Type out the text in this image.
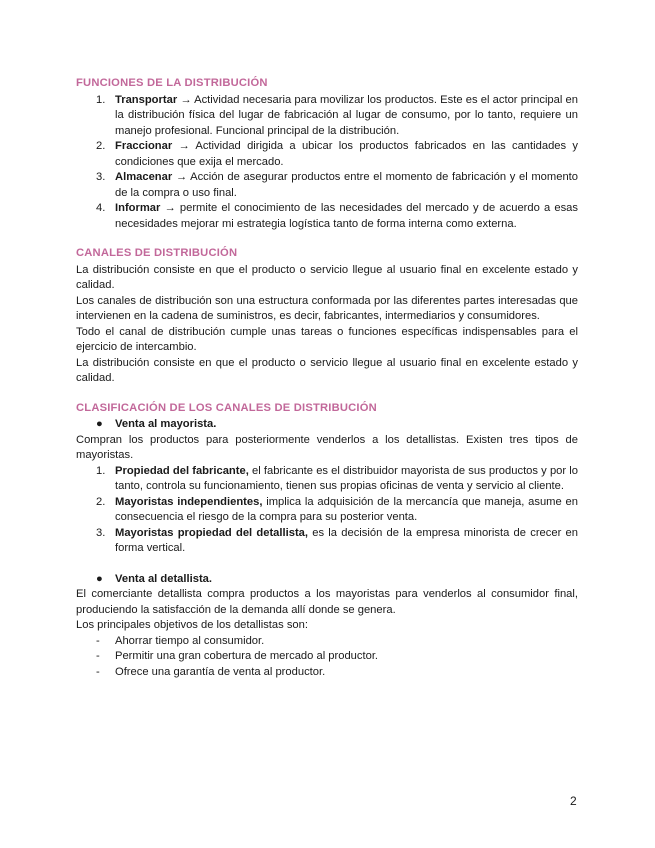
FUNCIONES DE LA DISTRIBUCIÓN
1. Transportar → Actividad necesaria para movilizar los productos. Este es el actor principal en la distribución física del lugar de fabricación al lugar de consumo, por lo tanto, requiere un manejo profesional. Funcional principal de la distribución.
2. Fraccionar → Actividad dirigida a ubicar los productos fabricados en las cantidades y condiciones que exija el mercado.
3. Almacenar → Acción de asegurar productos entre el momento de fabricación y el momento de la compra o uso final.
4. Informar → permite el conocimiento de las necesidades del mercado y de acuerdo a esas necesidades mejorar mi estrategia logística tanto de forma interna como externa.
CANALES DE DISTRIBUCIÓN

La distribución consiste en que el producto o servicio llegue al usuario final en excelente estado y calidad.

Los canales de distribución son una estructura conformada por las diferentes partes interesadas que intervienen en la cadena de suministros, es decir, fabricantes, intermediarios y consumidores.

Todo el canal de distribución cumple unas tareas o funciones específicas indispensables para el ejercicio de intercambio.

La distribución consiste en que el producto o servicio llegue al usuario final en excelente estado y calidad.

CLASIFICACIÓN DE LOS CANALES DE DISTRIBUCIÓN
● Venta al mayorista.

Compran los productos para posteriormente venderlos a los detallistas. Existen tres tipos de mayoristas.

1. Propiedad del fabricante, el fabricante es el distribuidor mayorista de sus productos y por lo tanto, controla su funcionamiento, tienen sus propias oficinas de venta y servicio al cliente.
2. Mayoristas independientes, implica la adquisición de la mercancía que maneja, asume en consecuencia el riesgo de la compra para su posterior venta.
3. Mayoristas propiedad del detallista, es la decisión de la empresa minorista de crecer en forma vertical.
● Venta al detallista.

El comerciante detallista compra productos a los mayoristas para venderlos al consumidor final, produciendo la satisfacción de la demanda allí donde se genera.

Los principales objetivos de los detallistas son:

- Ahorrar tiempo al consumidor.
- Permitir una gran cobertura de mercado al productor.
- Ofrece una garantía de venta al productor.
2
